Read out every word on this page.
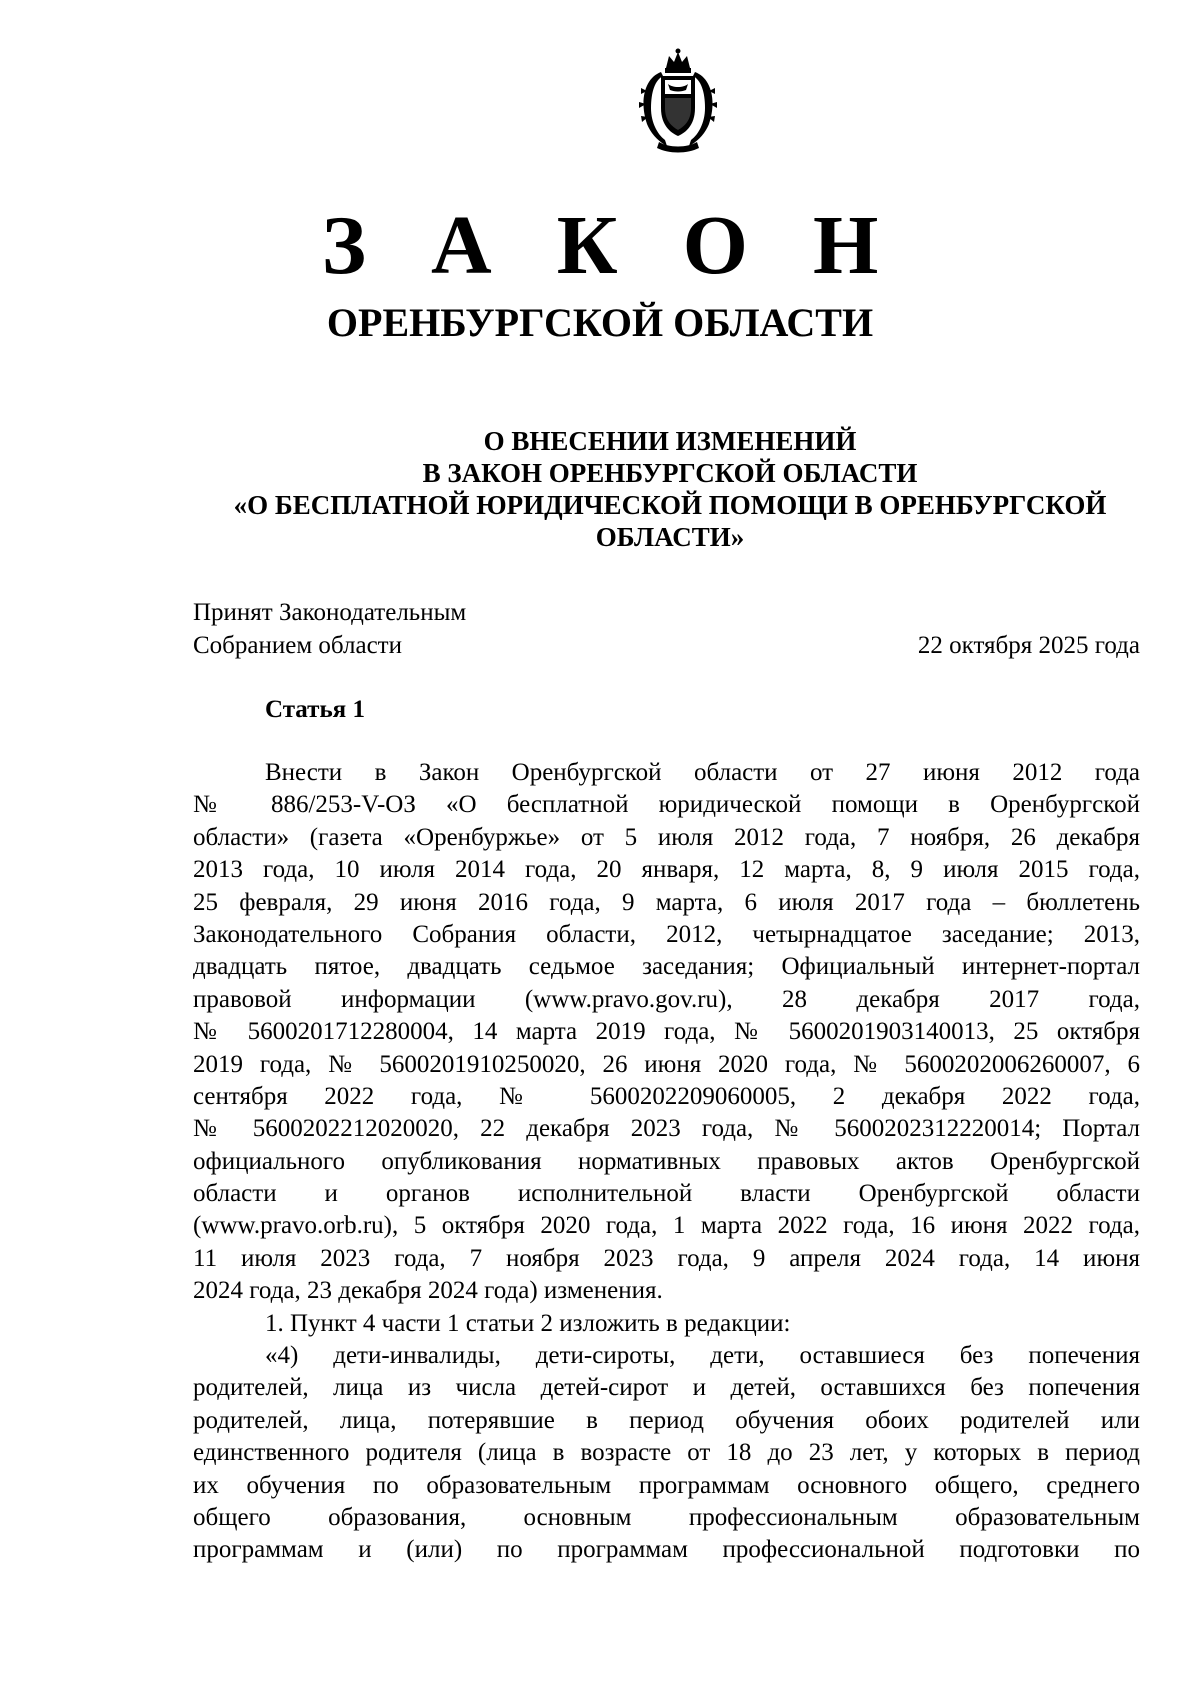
З А К О Н
ОРЕНБУРГСКОЙ ОБЛАСТИ
О ВНЕСЕНИИ ИЗМЕНЕНИЙ
В ЗАКОН ОРЕНБУРГСКОЙ ОБЛАСТИ
«О БЕСПЛАТНОЙ ЮРИДИЧЕСКОЙ ПОМОЩИ В ОРЕНБУРГСКОЙ
ОБЛАСТИ»
Принят Законодательным
Собранием области	22 октября 2025 года
Статья 1
Внести в Закон Оренбургской области от 27 июня 2012 года
№ 886/253-V-ОЗ «О бесплатной юридической помощи в Оренбургской
области» (газета «Оренбуржье» от 5 июля 2012 года, 7 ноября, 26 декабря
2013 года, 10 июля 2014 года, 20 января, 12 марта, 8, 9 июля 2015 года,
25 февраля, 29 июня 2016 года, 9 марта, 6 июля 2017 года – бюллетень
Законодательного Собрания области, 2012, четырнадцатое заседание; 2013,
двадцать пятое, двадцать седьмое заседания; Официальный интернет-портал
правовой информации (www.pravo.gov.ru), 28 декабря 2017 года,
№ 5600201712280004, 14 марта 2019 года, № 5600201903140013, 25 октября
2019 года, № 5600201910250020, 26 июня 2020 года, № 5600202006260007, 6
сентября 2022 года, № 5600202209060005, 2 декабря 2022 года,
№ 5600202212020020, 22 декабря 2023 года, № 5600202312220014; Портал
официального опубликования нормативных правовых актов Оренбургской
области и органов исполнительной власти Оренбургской области
(www.pravo.orb.ru), 5 октября 2020 года, 1 марта 2022 года, 16 июня 2022 года,
11 июля 2023 года, 7 ноября 2023 года, 9 апреля 2024 года, 14 июня
2024 года, 23 декабря 2024 года) изменения.
1. Пункт 4 части 1 статьи 2 изложить в редакции:
«4) дети-инвалиды, дети-сироты, дети, оставшиеся без попечения
родителей, лица из числа детей-сирот и детей, оставшихся без попечения
родителей, лица, потерявшие в период обучения обоих родителей или
единственного родителя (лица в возрасте от 18 до 23 лет, у которых в период
их обучения по образовательным программам основного общего, среднего
общего образования, основным профессиональным образовательным
программам и (или) по программам профессиональной подготовки по
